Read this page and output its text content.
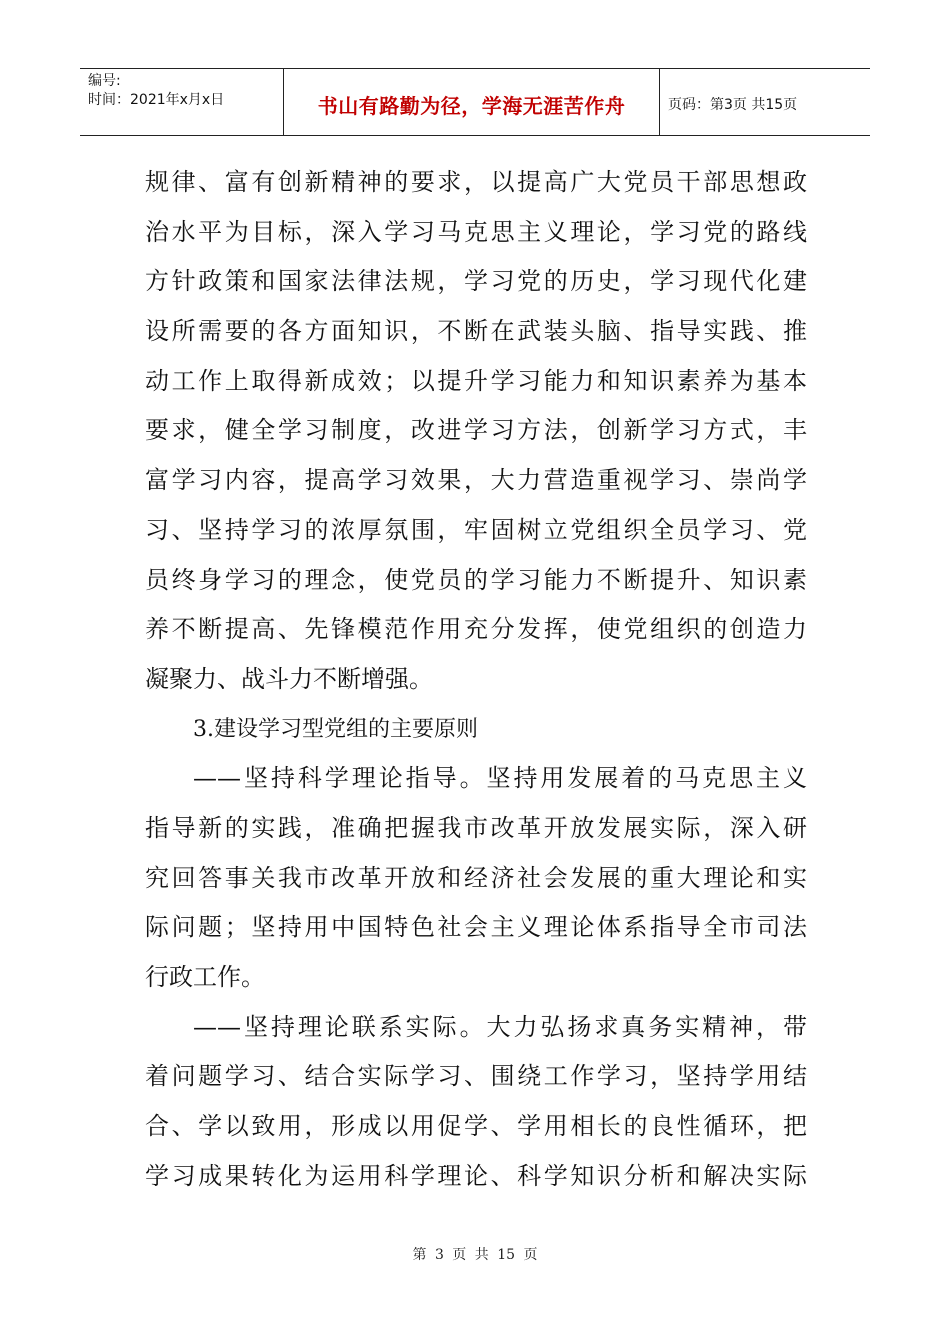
编号:
时间：2021年x月x日	书山有路勤为径，学海无涯苦作舟	页码：第3页 共15页
规律、富有创新精神的要求，以提高广大党员干部思想政
治水平为目标，深入学习马克思主义理论，学习党的路线
方针政策和国家法律法规，学习党的历史，学习现代化建
设所需要的各方面知识，不断在武装头脑、指导实践、推
动工作上取得新成效；以提升学习能力和知识素养为基本
要求，健全学习制度，改进学习方法，创新学习方式，丰
富学习内容，提高学习效果，大力营造重视学习、崇尚学
习、坚持学习的浓厚氛围，牢固树立党组织全员学习、党
员终身学习的理念，使党员的学习能力不断提升、知识素
养不断提高、先锋模范作用充分发挥，使党组织的创造力
凝聚力、战斗力不断增强。
3.建设学习型党组的主要原则
——坚持科学理论指导。坚持用发展着的马克思主义
指导新的实践，准确把握我市改革开放发展实际，深入研
究回答事关我市改革开放和经济社会发展的重大理论和实
际问题；坚持用中国特色社会主义理论体系指导全市司法
行政工作。
——坚持理论联系实际。大力弘扬求真务实精神，带
着问题学习、结合实际学习、围绕工作学习，坚持学用结
合、学以致用，形成以用促学、学用相长的良性循环，把
学习成果转化为运用科学理论、科学知识分析和解决实际
第 3 页 共 15 页
